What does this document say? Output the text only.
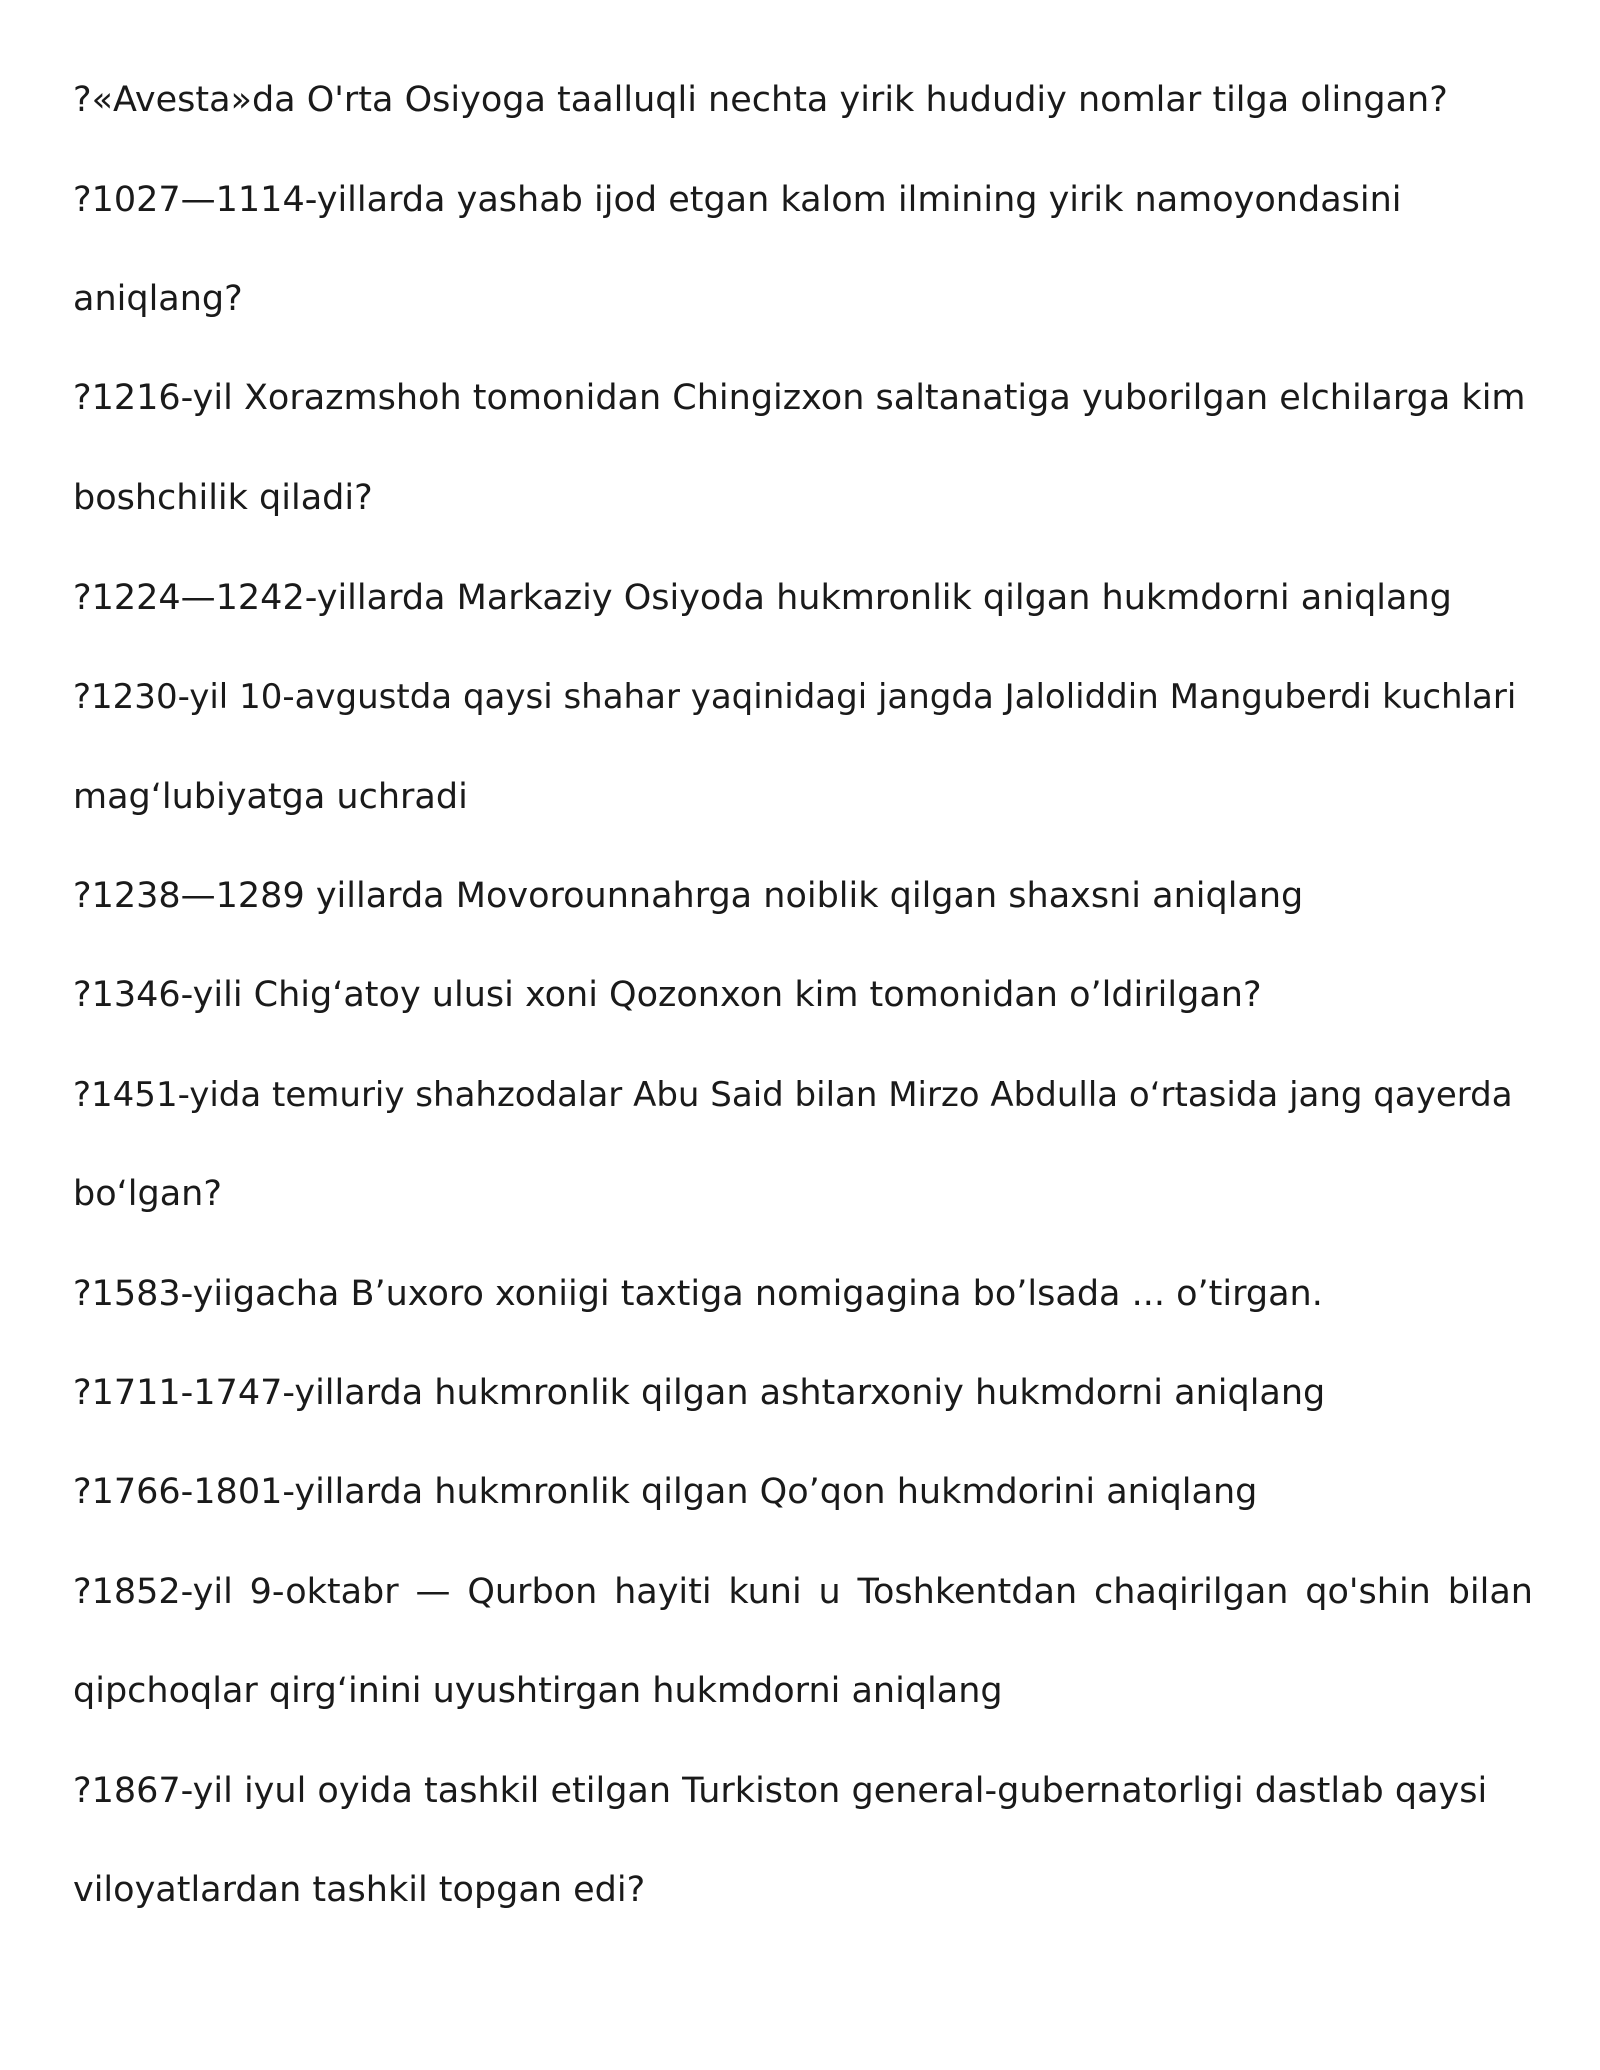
?«Avesta»da O'rta Osiyoga taalluqli nechta yirik hududiy nomlar tilga olingan?
?1027—1114-yillarda yashab ijod etgan kalom ilmining yirik namoyondasini
aniqlang?
?1216-yil Xorazmshoh tomonidan Chingizxon saltanatiga yuborilgan elchilarga kim
boshchilik qiladi?
?1224—1242-yillarda Markaziy Osiyoda hukmronlik qilgan hukmdorni aniqlang
?1230-yil 10-avgustda qaysi shahar yaqinidagi jangda Jaloliddin Manguberdi kuchlari
mag‘lubiyatga uchradi
?1238—1289 yillarda Movorounnahrga noiblik qilgan shaxsni aniqlang
?1346-yili Chig‘atoy ulusi xoni Qozonxon kim tomonidan o’ldirilgan?
?1451-yida temuriy shahzodalar Abu Said bilan Mirzo Abdulla o‘rtasida jang qayerda
bo‘lgan?
?1583-yiigacha B’uxoro xoniigi taxtiga nomigagina bo’lsada ... o’tirgan.
?1711-1747-yillarda hukmronlik qilgan ashtarxoniy hukmdorni aniqlang
?1766-1801-yillarda hukmronlik qilgan Qo’qon hukmdorini aniqlang
?1852-yil 9-oktabr — Qurbon hayiti kuni u Toshkentdan chaqirilgan qo'shin bilan
qipchoqlar qirg‘inini uyushtirgan hukmdorni aniqlang
?1867-yil iyul oyida tashkil etilgan Turkiston general-gubernatorligi dastlab qaysi
viloyatlardan tashkil topgan edi?
